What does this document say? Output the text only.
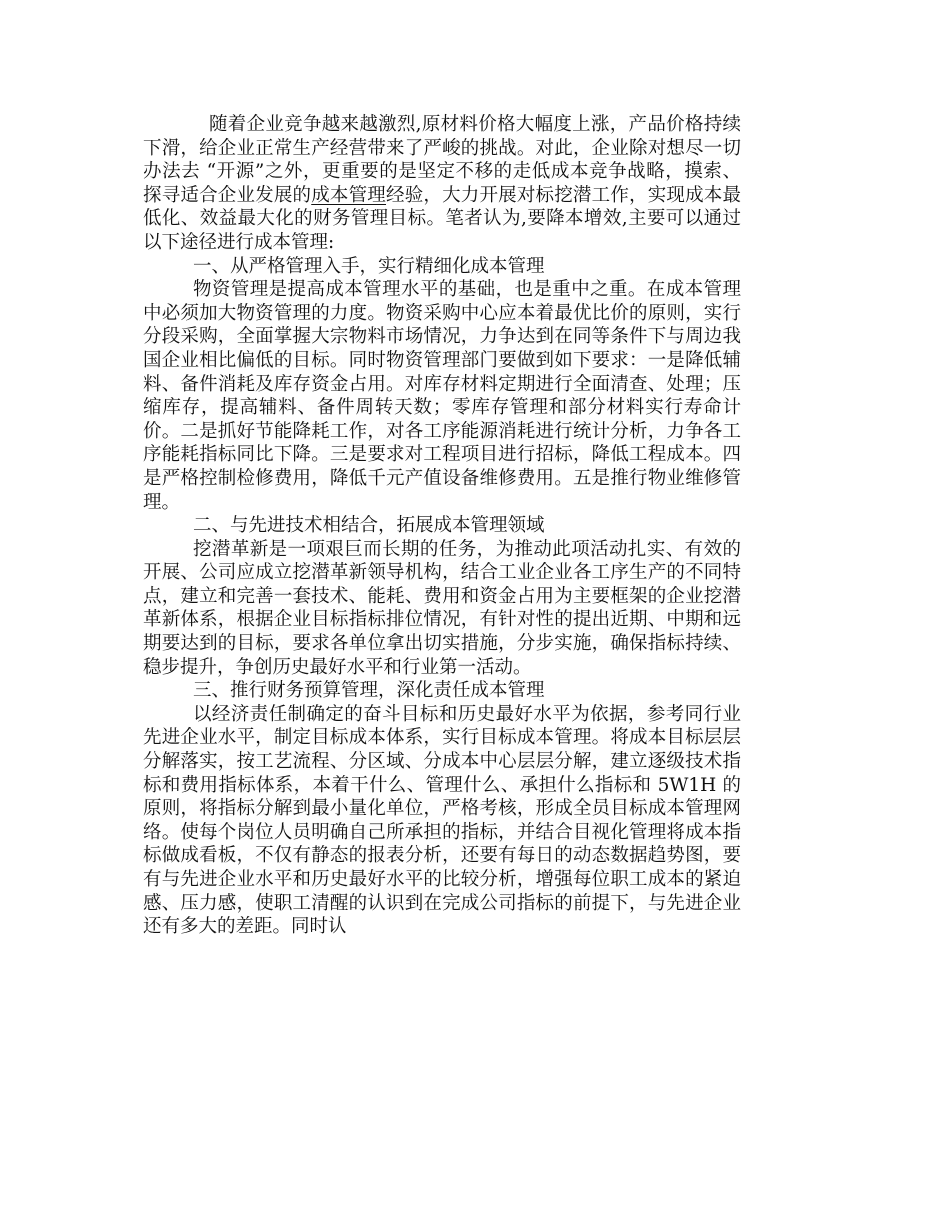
随着企业竞争越来越激烈,原材料价格大幅度上涨，产品价格持续下滑，给企业正常生产经营带来了严峻的挑战。对此，企业除对想尽一切办法去 “开源”之外，更重要的是坚定不移的走低成本竞争战略，摸索、探寻适合企业发展的成本管理经验，大力开展对标挖潜工作，实现成本最低化、效益最大化的财务管理目标。笔者认为,要降本增效,主要可以通过以下途径进行成本管理:

一、从严格管理入手，实行精细化成本管理

物资管理是提高成本管理水平的基础，也是重中之重。在成本管理中必须加大物资管理的力度。物资采购中心应本着最优比价的原则，实行分段采购，全面掌握大宗物料市场情况，力争达到在同等条件下与周边我国企业相比偏低的目标。同时物资管理部门要做到如下要求：一是降低辅料、备件消耗及库存资金占用。对库存材料定期进行全面清查、处理；压缩库存，提高辅料、备件周转天数；零库存管理和部分材料实行寿命计价。二是抓好节能降耗工作，对各工序能源消耗进行统计分析，力争各工序能耗指标同比下降。三是要求对工程项目进行招标，降低工程成本。四是严格控制检修费用，降低千元产值设备维修费用。五是推行物业维修管理。

二、与先进技术相结合，拓展成本管理领域

挖潜革新是一项艰巨而长期的任务，为推动此项活动扎实、有效的开展、公司应成立挖潜革新领导机构，结合工业企业各工序生产的不同特点，建立和完善一套技术、能耗、费用和资金占用为主要框架的企业挖潜革新体系，根据企业目标指标排位情况，有针对性的提出近期、中期和远期要达到的目标，要求各单位拿出切实措施，分步实施，确保指标持续、稳步提升，争创历史最好水平和行业第一活动。

三、推行财务预算管理，深化责任成本管理

以经济责任制确定的奋斗目标和历史最好水平为依据，参考同行业先进企业水平，制定目标成本体系，实行目标成本管理。将成本目标层层分解落实，按工艺流程、分区域、分成本中心层层分解，建立逐级技术指标和费用指标体系，本着干什么、管理什么、承担什么指标和 5W1H 的原则，将指标分解到最小量化单位，严格考核，形成全员目标成本管理网络。使每个岗位人员明确自己所承担的指标，并结合目视化管理将成本指标做成看板，不仅有静态的报表分析，还要有每日的动态数据趋势图，要有与先进企业水平和历史最好水平的比较分析，增强每位职工成本的紧迫感、压力感，使职工清醒的认识到在完成公司指标的前提下，与先进企业还有多大的差距。同时认
